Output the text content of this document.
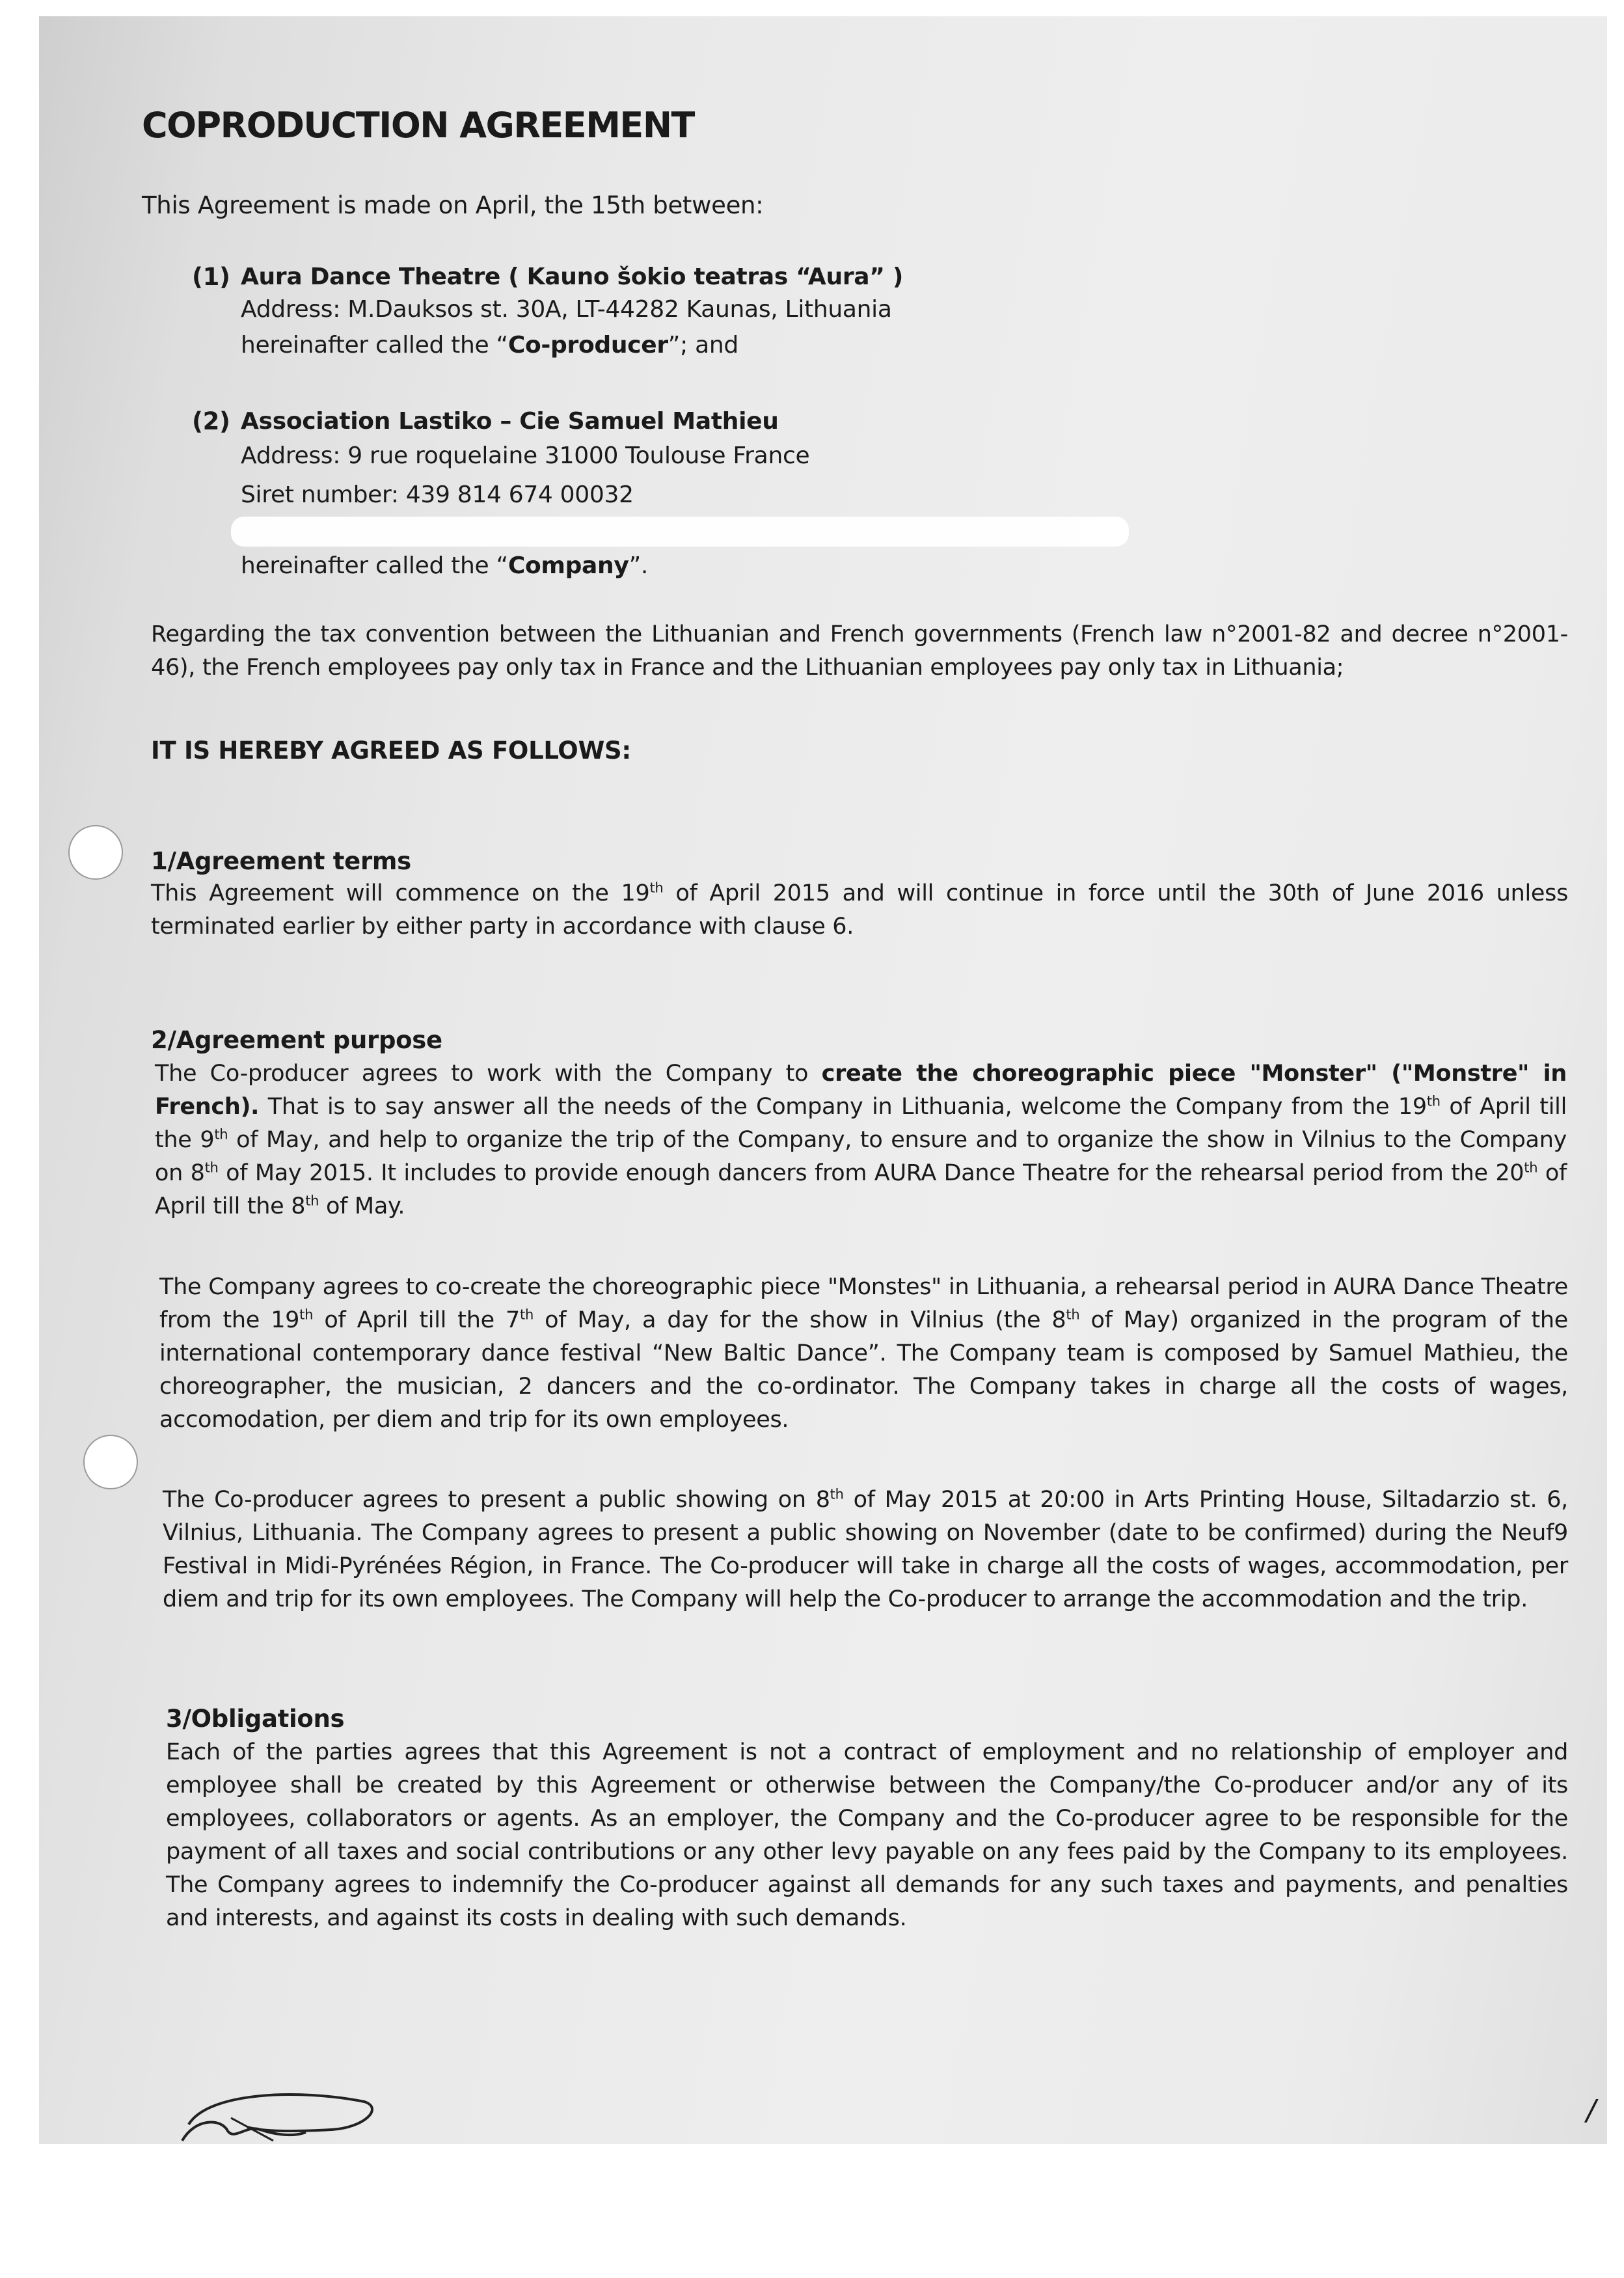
COPRODUCTION AGREEMENT
This Agreement is made on April, the 15th between:
(1) Aura Dance Theatre ( Kauno šokio teatras “Aura” )
Address: M.Dauksos st. 30A, LT-44282 Kaunas, Lithuania
hereinafter called the “Co-producer”; and
(2) Association Lastiko – Cie Samuel Mathieu
Address: 9 rue roquelaine 31000 Toulouse France
Siret number: 439 814 674 00032
hereinafter called the “Company”.
Regarding the tax convention between the Lithuanian and French governments (French law n°2001-82 and decree n°2001-46), the French employees pay only tax in France and the Lithuanian employees pay only tax in Lithuania;
IT IS HEREBY AGREED AS FOLLOWS:
1/Agreement terms
This Agreement will commence on the 19th of April 2015 and will continue in force until the 30th of June 2016 unless terminated earlier by either party in accordance with clause 6.
2/Agreement purpose
The Co-producer agrees to work with the Company to create the choreographic piece "Monster" ("Monstre" in French). That is to say answer all the needs of the Company in Lithuania, welcome the Company from the 19th of April till the 9th of May, and help to organize the trip of the Company, to ensure and to organize the show in Vilnius to the Company on 8th of May 2015. It includes to provide enough dancers from AURA Dance Theatre for the rehearsal period from the 20th of April till the 8th of May.
The Company agrees to co-create the choreographic piece "Monstes" in Lithuania, a rehearsal period in AURA Dance Theatre from the 19th of April till the 7th of May, a day for the show in Vilnius (the 8th of May) organized in the program of the international contemporary dance festival “New Baltic Dance”. The Company team is composed by Samuel Mathieu, the choreographer, the musician, 2 dancers and the co-ordinator. The Company takes in charge all the costs of wages, accomodation, per diem and trip for its own employees.
The Co-producer agrees to present a public showing on 8th of May 2015 at 20:00 in Arts Printing House, Siltadarzio st. 6, Vilnius, Lithuania. The Company agrees to present a public showing on November (date to be confirmed) during the Neuf9 Festival in Midi-Pyrénées Région, in France. The Co-producer will take in charge all the costs of wages, accommodation, per diem and trip for its own employees. The Company will help the Co-producer to arrange the accommodation and the trip.
3/Obligations
Each of the parties agrees that this Agreement is not a contract of employment and no relationship of employer and employee shall be created by this Agreement or otherwise between the Company/the Co-producer and/or any of its employees, collaborators or agents. As an employer, the Company and the Co-producer agree to be responsible for the payment of all taxes and social contributions or any other levy payable on any fees paid by the Company to its employees. The Company agrees to indemnify the Co-producer against all demands for any such taxes and payments, and penalties and interests, and against its costs in dealing with such demands.
/
